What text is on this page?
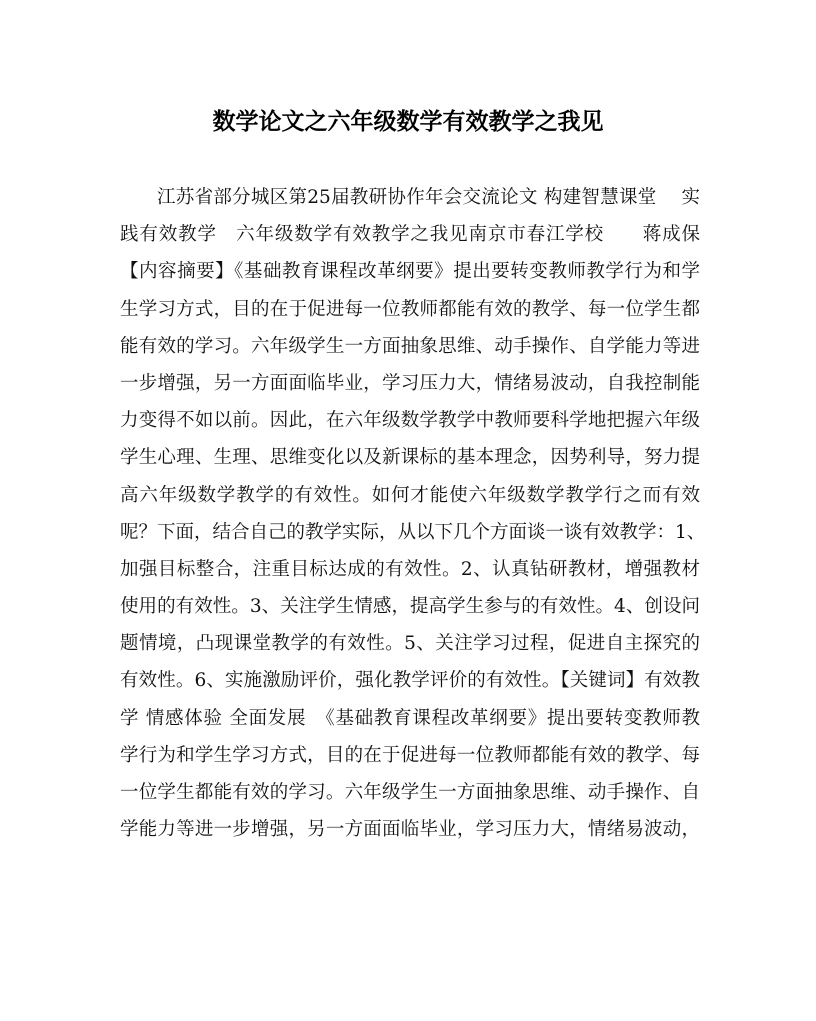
数学论文之六年级数学有效教学之我见
江苏省部分城区第25届教研协作年会交流论文 构建智慧课堂　 实
践有效教学　六年级数学有效教学之我见南京市春江学校　　蒋成保
【内容摘要】《基础教育课程改革纲要》提出要转变教师教学行为和学
生学习方式，目的在于促进每一位教师都能有效的教学、每一位学生都
能有效的学习。六年级学生一方面抽象思维、动手操作、自学能力等进
一步增强，另一方面面临毕业，学习压力大，情绪易波动，自我控制能
力变得不如以前。因此，在六年级数学教学中教师要科学地把握六年级
学生心理、生理、思维变化以及新课标的基本理念，因势利导，努力提
高六年级数学教学的有效性。如何才能使六年级数学教学行之而有效
呢？下面，结合自己的教学实际，从以下几个方面谈一谈有效教学：1、
加强目标整合，注重目标达成的有效性。2、认真钻研教材，增强教材
使用的有效性。3、关注学生情感，提高学生参与的有效性。4、创设问
题情境，凸现课堂教学的有效性。5、关注学习过程，促进自主探究的
有效性。6、实施激励评价，强化教学评价的有效性。【关键词】有效教
学 情感体验 全面发展　《基础教育课程改革纲要》提出要转变教师教
学行为和学生学习方式，目的在于促进每一位教师都能有效的教学、每
一位学生都能有效的学习。六年级学生一方面抽象思维、动手操作、自
学能力等进一步增强，另一方面面临毕业，学习压力大，情绪易波动，
